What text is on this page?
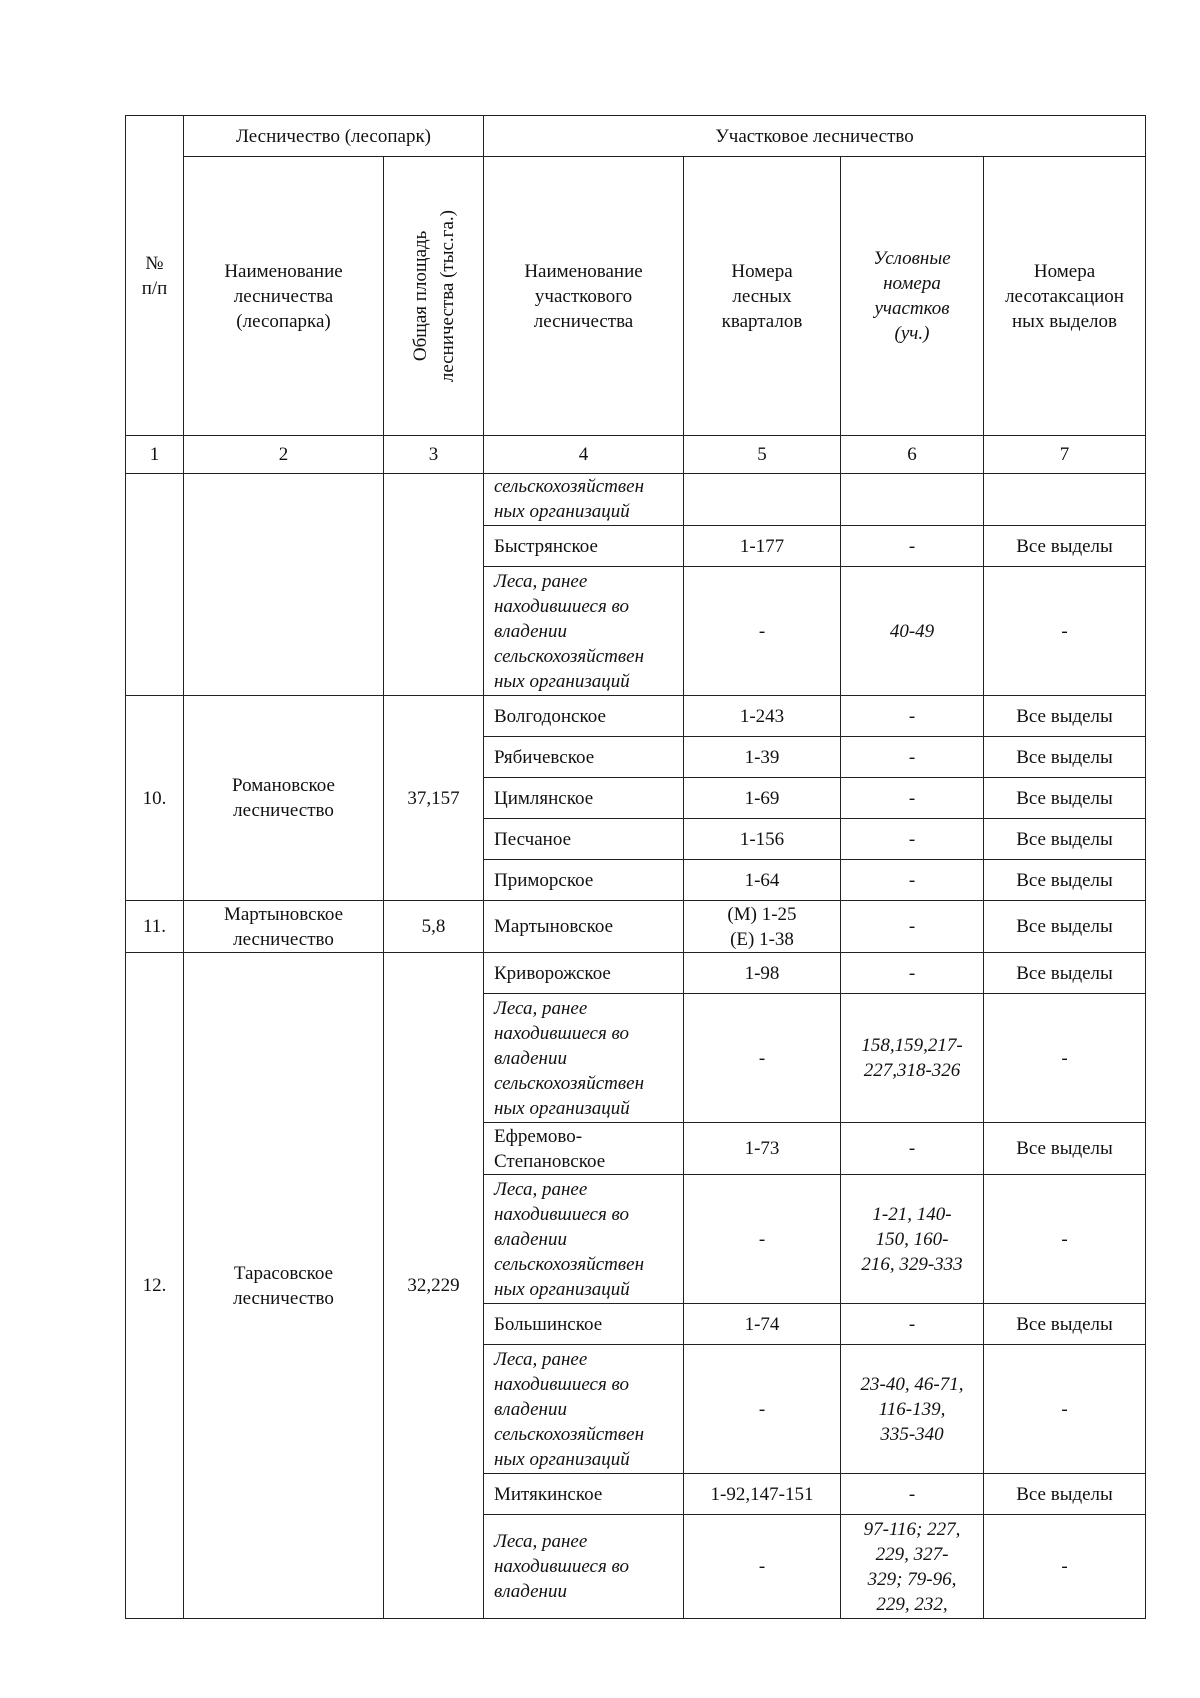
№
п/п	Лесничество (лесопарк)		Участковое лесничество			
	Наименование
лесничества
(лесопарка)	Общая площадь
лесничества (тыс.га.)	Наименование
участкового
лесничества	Номера
лесных
кварталов	Условные
номера
участков
(уч.)	Номера
лесотаксацион
ных выделов
1	2	3	4	5	6	7
			сельскохозяйствен
ных организаций			
			Быстрянское	1-177	-	Все выделы
			Леса, ранее
находившиеся во
владении
сельскохозяйствен
ных организаций	-	40-49	-
10.	Романовское
лесничество	37,157	Волгодонское	1-243	-	Все выделы
			Рябичевское	1-39	-	Все выделы
			Цимлянское	1-69	-	Все выделы
			Песчаное	1-156	-	Все выделы
			Приморское	1-64	-	Все выделы
11.	Мартыновское
лесничество	5,8	Мартыновское	(М) 1-25
(Е) 1-38	-	Все выделы
12.	Тарасовское
лесничество	32,229	Криворожское	1-98	-	Все выделы
			Леса, ранее
находившиеся во
владении
сельскохозяйствен
ных организаций	-	158,159,217-
227,318-326	-
			Ефремово-
Степановское	1-73	-	Все выделы
			Леса, ранее
находившиеся во
владении
сельскохозяйствен
ных организаций	-	1-21, 140-
150, 160-
216, 329-333	-
			Большинское	1-74	-	Все выделы
			Леса, ранее
находившиеся во
владении
сельскохозяйствен
ных организаций	-	23-40, 46-71,
116-139,
335-340	-
			Митякинское	1-92,147-151	-	Все выделы
			Леса, ранее
находившиеся во
владении	-	97-116; 227,
229, 327-
329; 79-96,
229, 232,	-
